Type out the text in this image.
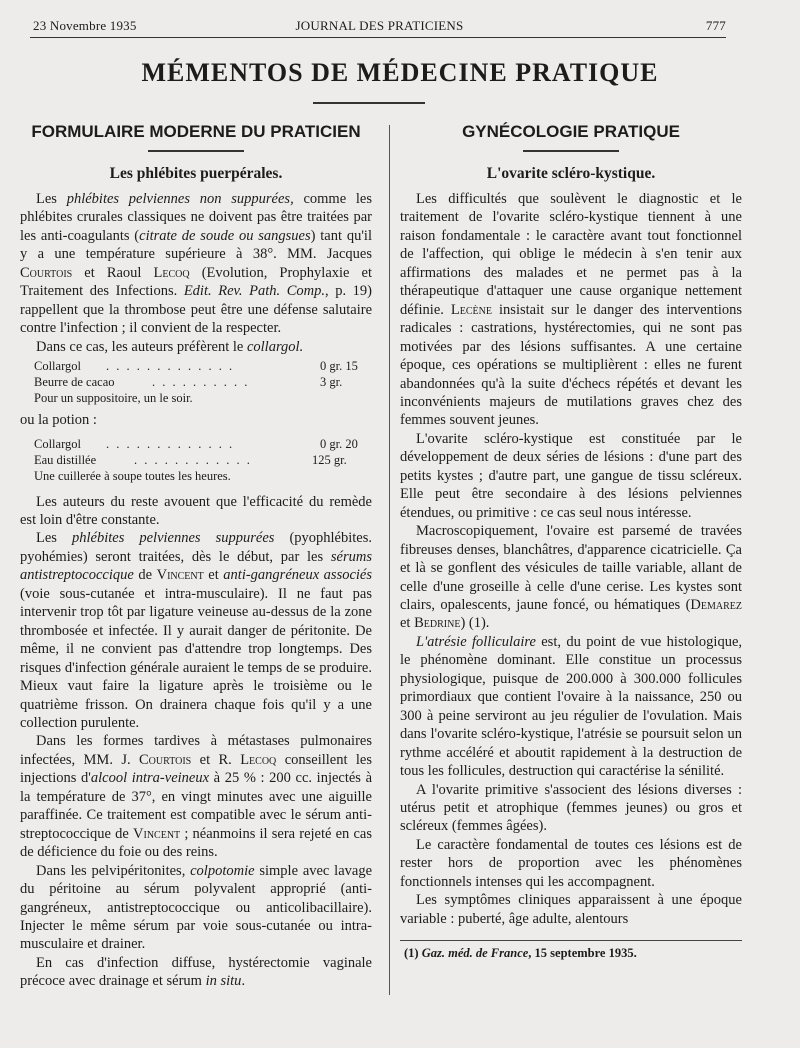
23 Novembre 1935	JOURNAL DES PRATICIENS	777
MÉMENTOS DE MÉDECINE PRATIQUE
FORMULAIRE MODERNE DU PRATICIEN
Les phlébites puerpérales.

Les phlébites pelviennes non suppurées, comme les phlébites crurales classiques ne doivent pas être traitées par les anti-coagulants (citrate de soude ou sangsues) tant qu'il y a une température supérieure à 38°. MM. Jacques Courtois et Raoul Lecoq (Evolution, Prophylaxie et Traitement des Infections. Edit. Rev. Path. Comp., p. 19) rappellent que la thrombose peut être une défense salutaire contre l'infection ; il convient de la respecter.

Dans ce cas, les auteurs préfèrent le collargol.

Collargol . . . . . . . . . . . . .	0 gr. 15
Beurre de cacao	. . . . . . . . . .	3 gr.
Pour un suppositoire, un le soir.

ou la potion :

Collargol . . . . . . . . . . . . .	0 gr. 20
Eau distillée	. . . . . . . . . . . .	125 gr.
Une cuillerée à soupe toutes les heures.

Les auteurs du reste avouent que l'efficacité du remède est loin d'être constante.

Les phlébites pelviennes suppurées (pyophlébites. pyohémies) seront traitées, dès le début, par les sérums antistreptococcique de Vincent et anti-gangréneux associés (voie sous-cutanée et intra-musculaire). Il ne faut pas intervenir trop tôt par ligature veineuse au-dessus de la zone thrombosée et infectée. Il y aurait danger de péritonite. De même, il ne convient pas d'attendre trop longtemps. Des risques d'infection générale auraient le temps de se produire. Mieux vaut faire la ligature après le troisième ou le quatrième frisson. On drainera chaque fois qu'il y a une collection purulente.

Dans les formes tardives à métastases pulmonaires infectées, MM. J. Courtois et R. Lecoq conseillent les injections d'alcool intra-veineux à 25 % : 200 cc. injectés à la température de 37°, en vingt minutes avec une aiguille paraffinée. Ce traitement est compatible avec le sérum anti-streptococcique de Vincent ; néanmoins il sera rejeté en cas de déficience du foie ou des reins.

Dans les pelvipéritonites, colpotomie simple avec lavage du péritoine au sérum polyvalent approprié (anti-gangréneux, antistreptococcique ou anticolibacillaire). Injecter le même sérum par voie sous-cutanée ou intra-musculaire et drainer.

En cas d'infection diffuse, hystérectomie vaginale précoce avec drainage et sérum in situ.

GYNÉCOLOGIE PRATIQUE
L'ovarite scléro-kystique.

Les difficultés que soulèvent le diagnostic et le traitement de l'ovarite scléro-kystique tiennent à une raison fondamentale : le caractère avant tout fonctionnel de l'affection, qui oblige le médecin à s'en tenir aux affirmations des malades et ne permet pas à la thérapeutique d'attaquer une cause organique nettement définie. Lecène insistait sur le danger des interventions radicales : castrations, hystérectomies, qui ne sont pas motivées par des lésions suffisantes. A une certaine époque, ces opérations se multiplièrent : elles ne furent abandonnées qu'à la suite d'échecs répétés et devant les inconvénients majeurs de mutilations graves chez des femmes souvent jeunes.

L'ovarite scléro-kystique est constituée par le développement de deux séries de lésions : d'une part des petits kystes ; d'autre part, une gangue de tissu scléreux. Elle peut être secondaire à des lésions pelviennes étendues, ou primitive : ce cas seul nous intéresse.

Macroscopiquement, l'ovaire est parsemé de travées fibreuses denses, blanchâtres, d'apparence cicatricielle. Ça et là se gonflent des vésicules de taille variable, allant de celle d'une groseille à celle d'une cerise. Les kystes sont clairs, opalescents, jaune foncé, ou hématiques (Demarez et Bedrine) (1).

L'atrésie folliculaire est, du point de vue histologique, le phénomène dominant. Elle constitue un processus physiologique, puisque de 200.000 à 300.000 follicules primordiaux que contient l'ovaire à la naissance, 250 ou 300 à peine serviront au jeu régulier de l'ovulation. Mais dans l'ovarite scléro-kystique, l'atrésie se poursuit selon un rythme accéléré et aboutit rapidement à la destruction de tous les follicules, destruction qui caractérise la sénilité.

A l'ovarite primitive s'associent des lésions diverses : utérus petit et atrophique (femmes jeunes) ou gros et scléreux (femmes âgées).

Le caractère fondamental de toutes ces lésions est de rester hors de proportion avec les phénomènes fonctionnels intenses qui les accompagnent.

Les symptômes cliniques apparaissent à une époque variable : puberté, âge adulte, alentours

(1) Gaz. méd. de France, 15 septembre 1935.
